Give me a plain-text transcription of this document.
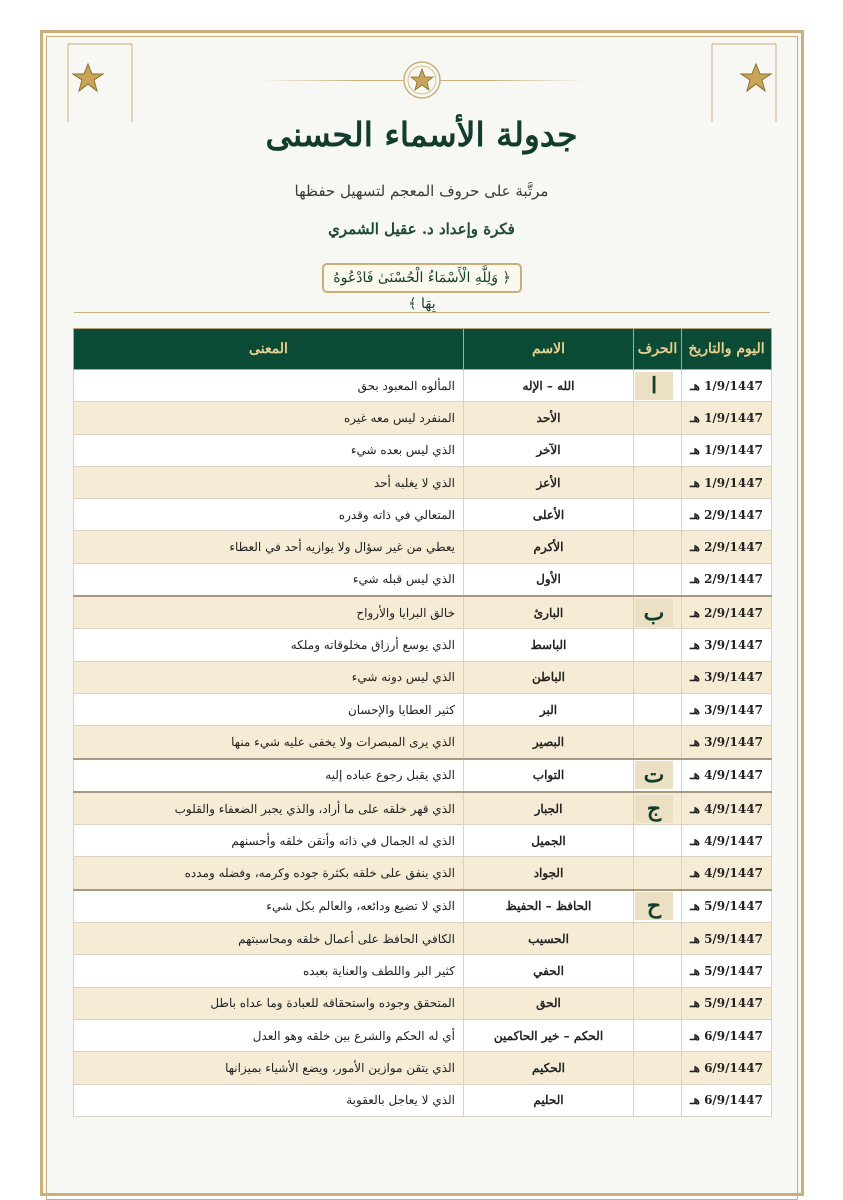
جدولة الأسماء الحسنى
مرتَّبة على حروف المعجم لتسهيل حفظها
فكرة وإعداد د. عقيل الشمري
﴿ وَلِلَّهِ الْأَسْمَاءُ الْحُسْنَىٰ فَادْعُوهُ بِهَا ﴾
اليوم والتاريخ	الحرف	الاسم	المعنى
1/9/1447 هـ	ا	الله – الإله	المألوه المعبود بحق
1/9/1447 هـ		الأحد	المنفرد ليس معه غيره
1/9/1447 هـ		الآخر	الذي ليس بعده شيء
1/9/1447 هـ		الأعز	الذي لا يغلبه أحد
2/9/1447 هـ		الأعلى	المتعالي في ذاته وقدره
2/9/1447 هـ		الأكرم	يعطي من غير سؤال ولا يوازيه أحد في العطاء
2/9/1447 هـ		الأول	الذي ليس قبله شيء
2/9/1447 هـ	ب	البارئ	خالق البرايا والأرواح
3/9/1447 هـ		الباسط	الذي يوسع أرزاق مخلوقاته وملكه
3/9/1447 هـ		الباطن	الذي ليس دونه شيء
3/9/1447 هـ		البر	كثير العطايا والإحسان
3/9/1447 هـ		البصير	الذي يرى المبصرات ولا يخفى عليه شيء منها
4/9/1447 هـ	ت	التواب	الذي يقبل رجوع عباده إليه
4/9/1447 هـ	ج	الجبار	الذي قهر خلقه على ما أراد، والذي يجبر الضعفاء والقلوب
4/9/1447 هـ		الجميل	الذي له الجمال في ذاته وأتقن خلقه وأحسنهم
4/9/1447 هـ		الجواد	الذي ينفق على خلقه بكثرة جوده وكرمه، وفضله ومدده
5/9/1447 هـ	ح	الحافظ – الحفيظ	الذي لا تضيع ودائعه، والعالم بكل شيء
5/9/1447 هـ		الحسيب	الكافي الحافظ على أعمال خلقه ومحاسبتهم
5/9/1447 هـ		الحفي	كثير البر واللطف والعناية بعبده
5/9/1447 هـ		الحق	المتحقق وجوده واستحقاقه للعبادة وما عداه باطل
6/9/1447 هـ		الحكم – خير الحاكمين	أي له الحكم والشرع بين خلقه وهو العدل
6/9/1447 هـ		الحكيم	الذي يتقن موازين الأمور، ويضع الأشياء بميزانها
6/9/1447 هـ		الحليم	الذي لا يعاجل بالعقوبة
